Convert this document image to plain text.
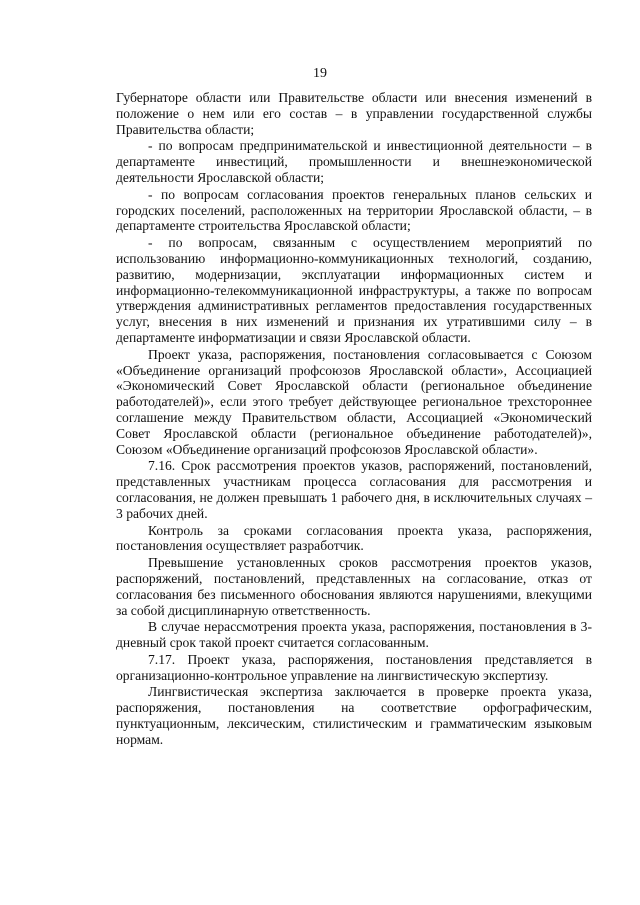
19

Губернаторе области или Правительстве области или внесения изменений в положение о нем или его состав – в управлении государственной службы Правительства области;

- по вопросам предпринимательской и инвестиционной деятельности – в департаменте инвестиций, промышленности и внешнеэкономической деятельности Ярославской области;

- по вопросам согласования проектов генеральных планов сельских и городских поселений, расположенных на территории Ярославской области, – в департаменте строительства Ярославской области;

- по вопросам, связанным с осуществлением мероприятий по использованию информационно-коммуникационных технологий, созданию, развитию, модернизации, эксплуатации информационных систем и информационно-телекоммуникационной инфраструктуры, а также по вопросам утверждения административных регламентов предоставления государственных услуг, внесения в них изменений и признания их утратившими силу – в департаменте информатизации и связи Ярославской области.

Проект указа, распоряжения, постановления согласовывается с Союзом «Объединение организаций профсоюзов Ярославской области», Ассоциацией «Экономический Совет Ярославской области (региональное объединение работодателей)», если этого требует действующее региональное трехстороннее соглашение между Правительством области, Ассоциацией «Экономический Совет Ярославской области (региональное объединение работодателей)», Союзом «Объединение организаций профсоюзов Ярославской области».

7.16. Срок рассмотрения проектов указов, распоряжений, постановлений, представленных участникам процесса согласования для рассмотрения и согласования, не должен превышать 1 рабочего дня, в исключительных случаях – 3 рабочих дней.

Контроль за сроками согласования проекта указа, распоряжения, постановления осуществляет разработчик.

Превышение установленных сроков рассмотрения проектов указов, распоряжений, постановлений, представленных на согласование, отказ от согласования без письменного обоснования являются нарушениями, влекущими за собой дисциплинарную ответственность.

В случае нерассмотрения проекта указа, распоряжения, постановления в 3-дневный срок такой проект считается согласованным.

7.17. Проект указа, распоряжения, постановления представляется в организационно-контрольное управление на лингвистическую экспертизу.

Лингвистическая экспертиза заключается в проверке проекта указа, распоряжения, постановления на соответствие орфографическим, пунктуационным, лексическим, стилистическим и грамматическим языковым нормам.
